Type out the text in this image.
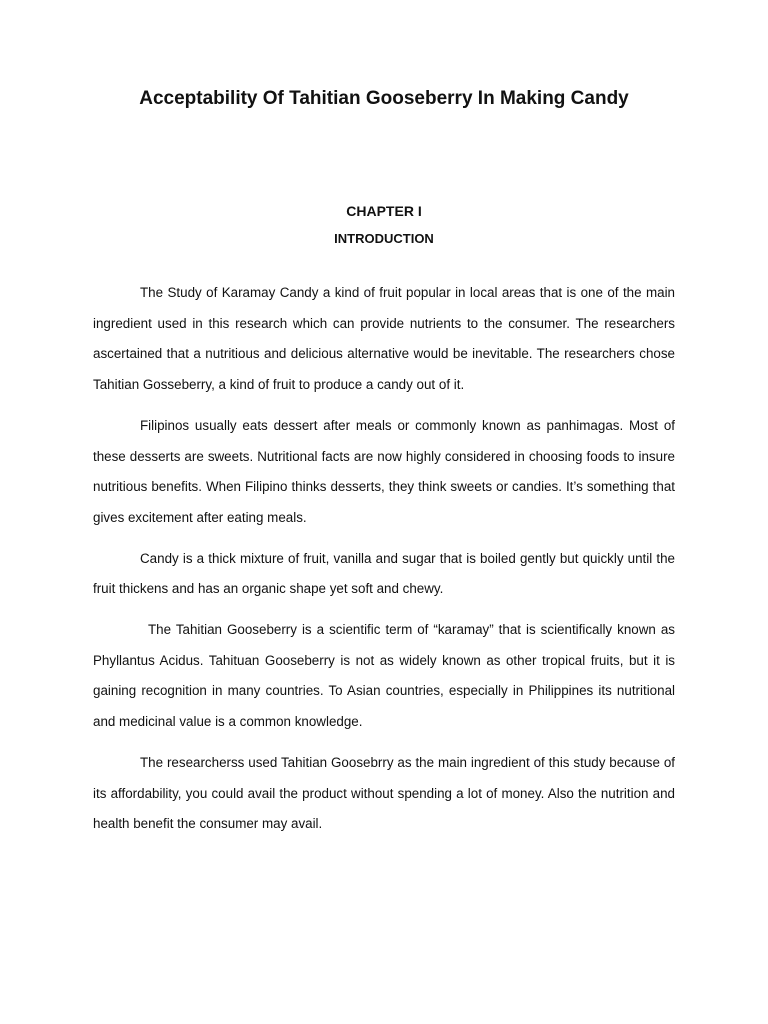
Acceptability Of Tahitian Gooseberry In Making Candy
CHAPTER I
INTRODUCTION

The Study of Karamay Candy a kind of fruit popular in local areas that is one of the main ingredient used in this research which can provide nutrients to the consumer. The researchers ascertained that a nutritious and delicious alternative would be inevitable. The researchers chose Tahitian Gosseberry, a kind of fruit to produce a candy out of it.

Filipinos usually eats dessert after meals or commonly known as panhimagas. Most of these desserts are sweets. Nutritional facts are now highly considered in choosing foods to insure nutritious benefits. When Filipino thinks desserts, they think sweets or candies. It’s something that gives excitement after eating meals.

Candy is a thick mixture of fruit, vanilla and sugar that is boiled gently but quickly until the fruit thickens and has an organic shape yet soft and chewy.

The Tahitian Gooseberry is a scientific term of “karamay” that is scientifically known as Phyllantus Acidus. Tahituan Gooseberry is not as widely known as other tropical fruits, but it is gaining recognition in many countries. To Asian countries, especially in Philippines its nutritional and medicinal value is a common knowledge.

The researcherss used Tahitian Goosebrry as the main ingredient of this study because of its affordability, you could avail the product without spending a lot of money. Also the nutrition and health benefit the consumer may avail.
